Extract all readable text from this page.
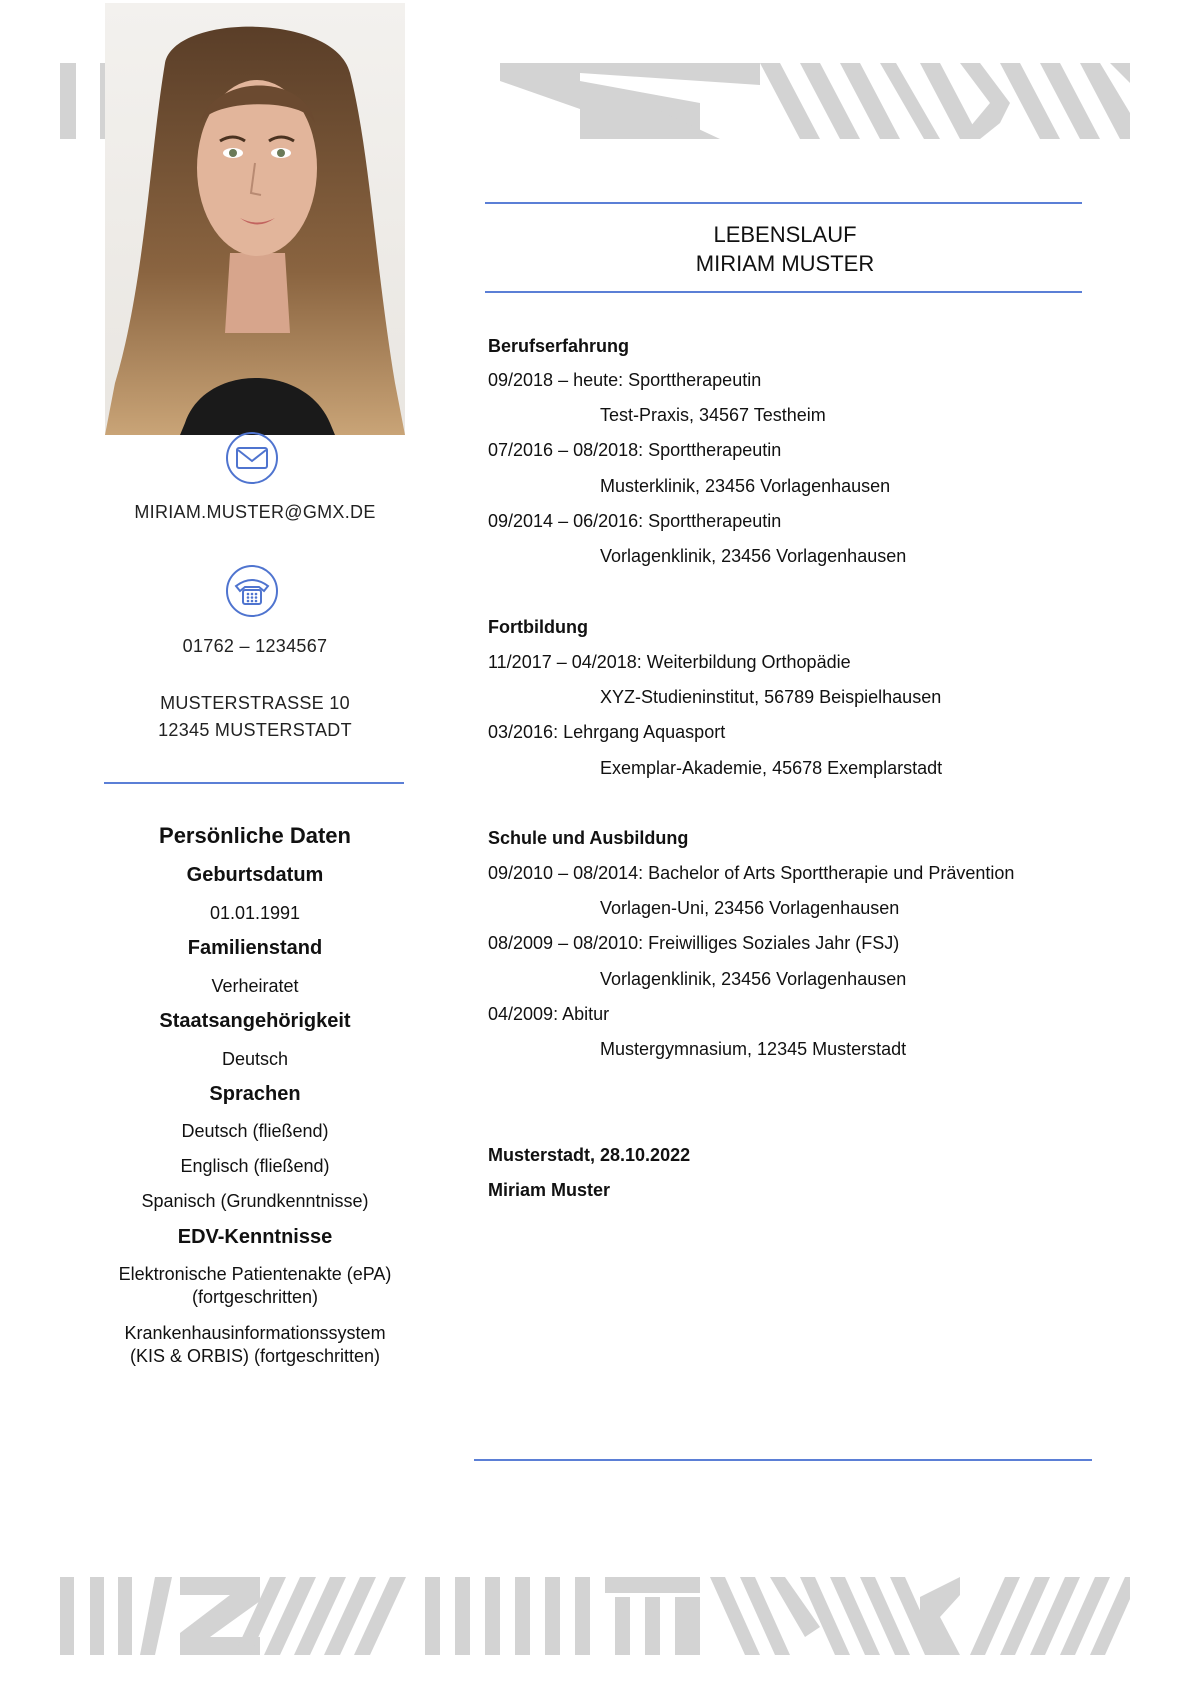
MIRIAM.MUSTER@GMX.DE
01762 – 1234567
MUSTERSTRASSE 10
12345 MUSTERSTADT
Persönliche Daten
Geburtsdatum
01.01.1991
Familienstand
Verheiratet
Staatsangehörigkeit
Deutsch
Sprachen
Deutsch (fließend)
Englisch (fließend)
Spanisch (Grundkenntnisse)
EDV-Kenntnisse
Elektronische Patientenakte (ePA) (fortgeschritten)
Krankenhausinformationssystem (KIS & ORBIS) (fortgeschritten)
LEBENSLAUF
MIRIAM MUSTER
Berufserfahrung
09/2018 – heute: Sporttherapeutin
Test-Praxis, 34567 Testheim
07/2016 – 08/2018: Sporttherapeutin
Musterklinik, 23456 Vorlagenhausen
09/2014 – 06/2016: Sporttherapeutin
Vorlagenklinik, 23456 Vorlagenhausen
Fortbildung
11/2017 – 04/2018: Weiterbildung Orthopädie
XYZ-Studieninstitut, 56789 Beispielhausen
03/2016: Lehrgang Aquasport
Exemplar-Akademie, 45678 Exemplarstadt
Schule und Ausbildung
09/2010 – 08/2014: Bachelor of Arts Sporttherapie und Prävention
Vorlagen-Uni, 23456 Vorlagenhausen
08/2009 – 08/2010: Freiwilliges Soziales Jahr (FSJ)
Vorlagenklinik, 23456 Vorlagenhausen
04/2009: Abitur
Mustergymnasium, 12345 Musterstadt
Musterstadt, 28.10.2022
Miriam Muster
